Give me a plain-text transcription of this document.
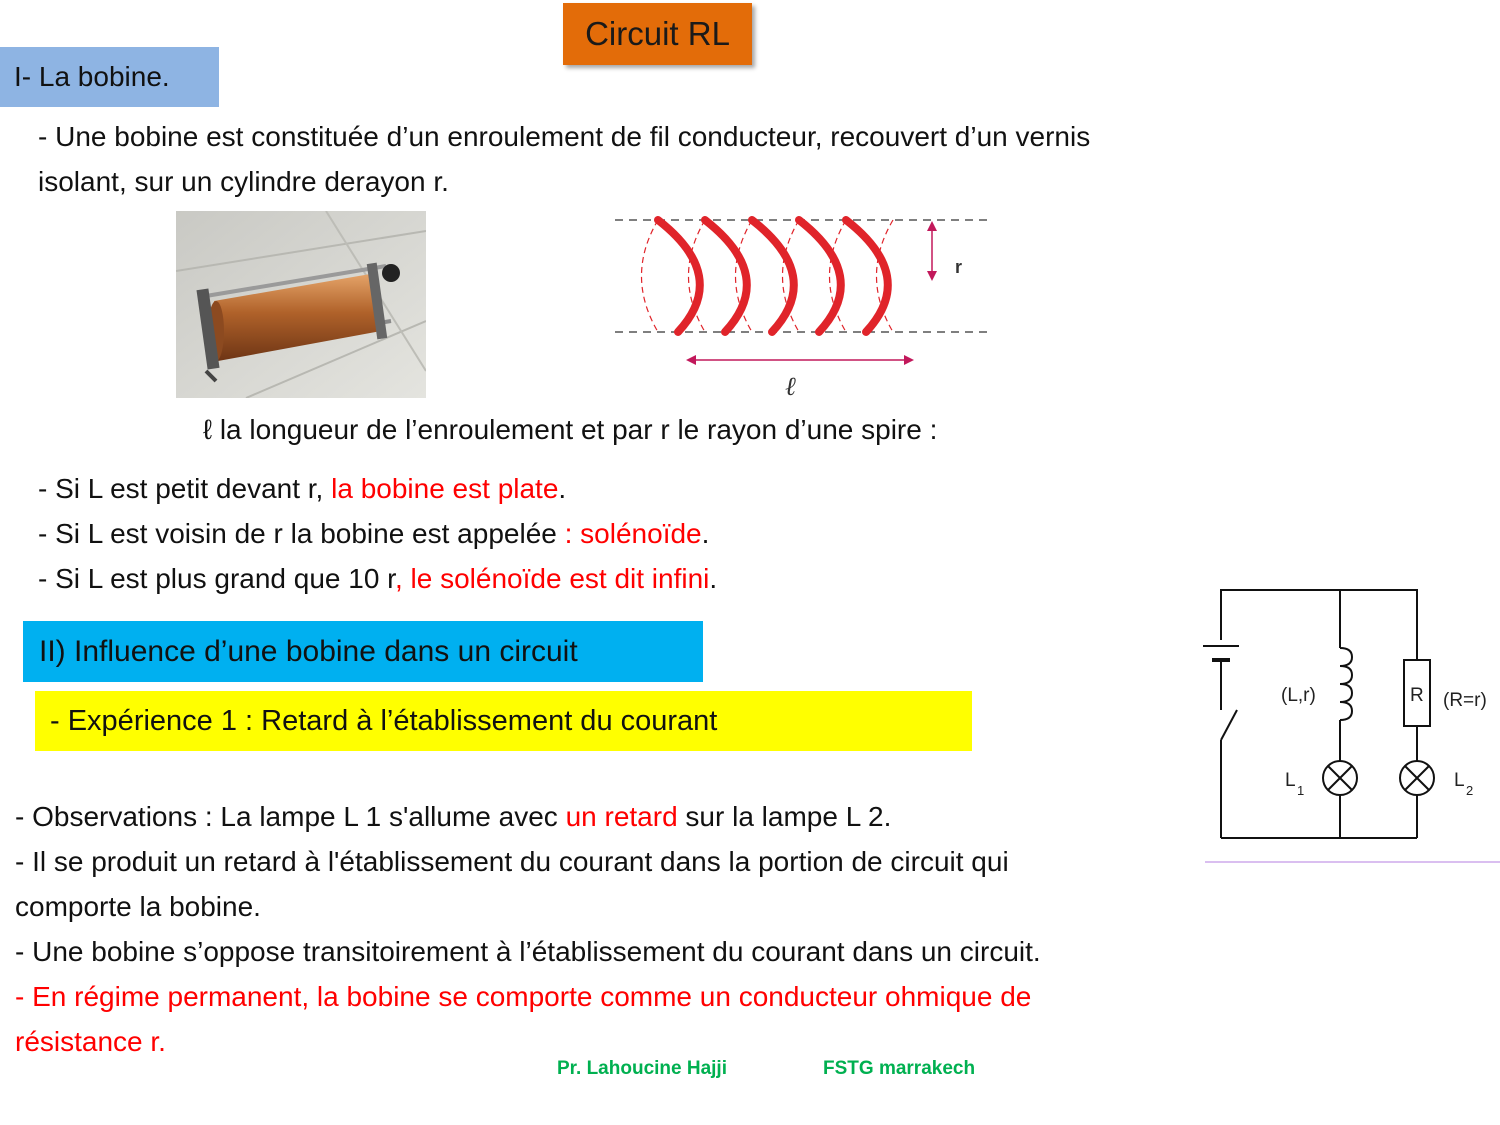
Circuit RL
I- La bobine.
- Une bobine est constituée d’un enroulement de fil conducteur, recouvert d’un vernis
isolant, sur un cylindre derayon r.
r
ℓ
ℓ la longueur de l’enroulement et par r le rayon d’une spire :
- Si L est petit devant r, la bobine est plate.
- Si L est voisin de r la bobine est appelée : solénoïde.
- Si L est plus grand que 10 r, le solénoïde est dit infini.
II) Influence d’une bobine dans un circuit
- Expérience 1 : Retard à l’établissement du courant
(L,r)	R (R=r)
L 1	L 2
- Observations : La lampe L 1 s'allume avec un retard sur la lampe L 2.
- Il se produit un retard à l'établissement du courant dans la portion de circuit qui
comporte la bobine.
- Une bobine s’oppose transitoirement à l’établissement du courant dans un circuit.
- En régime permanent, la bobine se comporte comme un conducteur ohmique de
résistance r.
Pr. Lahoucine Hajji	FSTG marrakech
